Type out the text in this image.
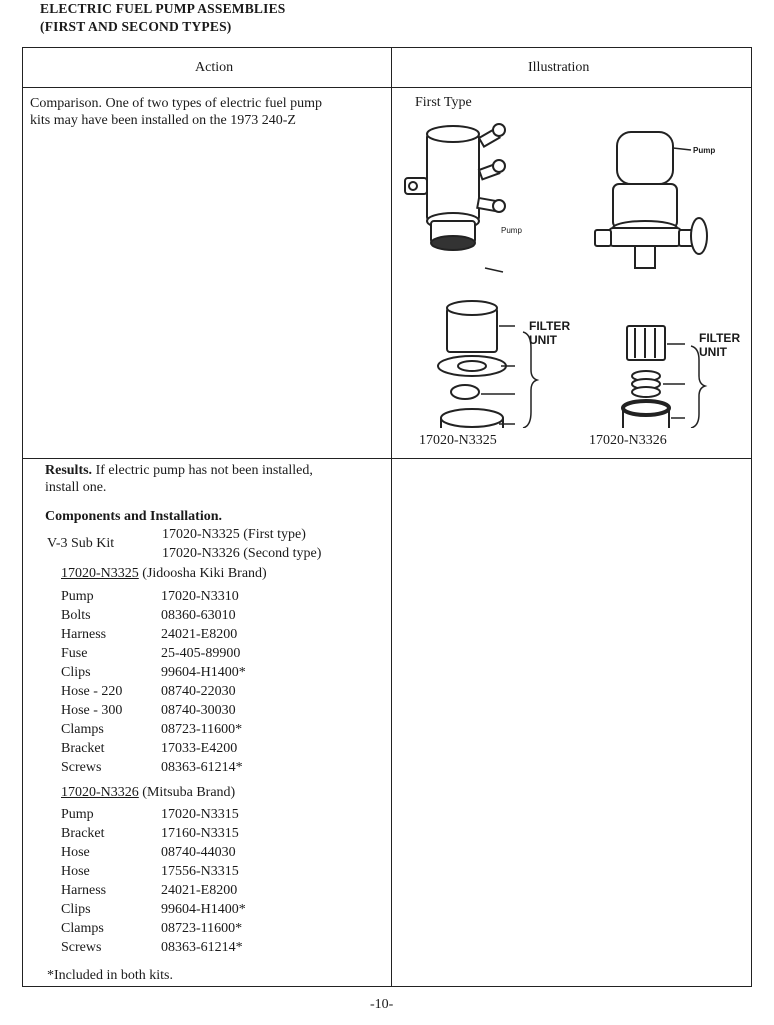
ELECTRIC FUEL PUMP ASSEMBLIES
(FIRST AND SECOND TYPES)
Action	Illustration
Comparison. One of two types of electric fuel pump
kits may have been installed on the 1973 240-Z
Results. If electric pump has not been installed,
install one.
Components and Installation.
V-3 Sub Kit
17020-N3325 (First type)
17020-N3326 (Second type)
17020-N3325 (Jidoosha Kiki Brand)
Pump	17020-N3310
Bolts	08360-63010
Harness	24021-E8200
Fuse	25-405-89900
Clips	99604-H1400*
Hose - 220	08740-22030
Hose - 300	08740-30030
Clamps	08723-11600*
Bracket	17033-E4200
Screws	08363-61214*
17020-N3326 (Mitsuba Brand)
Pump	17020-N3315
Bracket	17160-N3315
Hose	08740-44030
Hose	17556-N3315
Harness	24021-E8200
Clips	99604-H1400*
Clamps	08723-11600*
Screws	08363-61214*
*Included in both kits.
First Type
Pump
Pump
FILTER
UNIT	FILTER
UNIT
17020-N3325	17020-N3326
-10-
